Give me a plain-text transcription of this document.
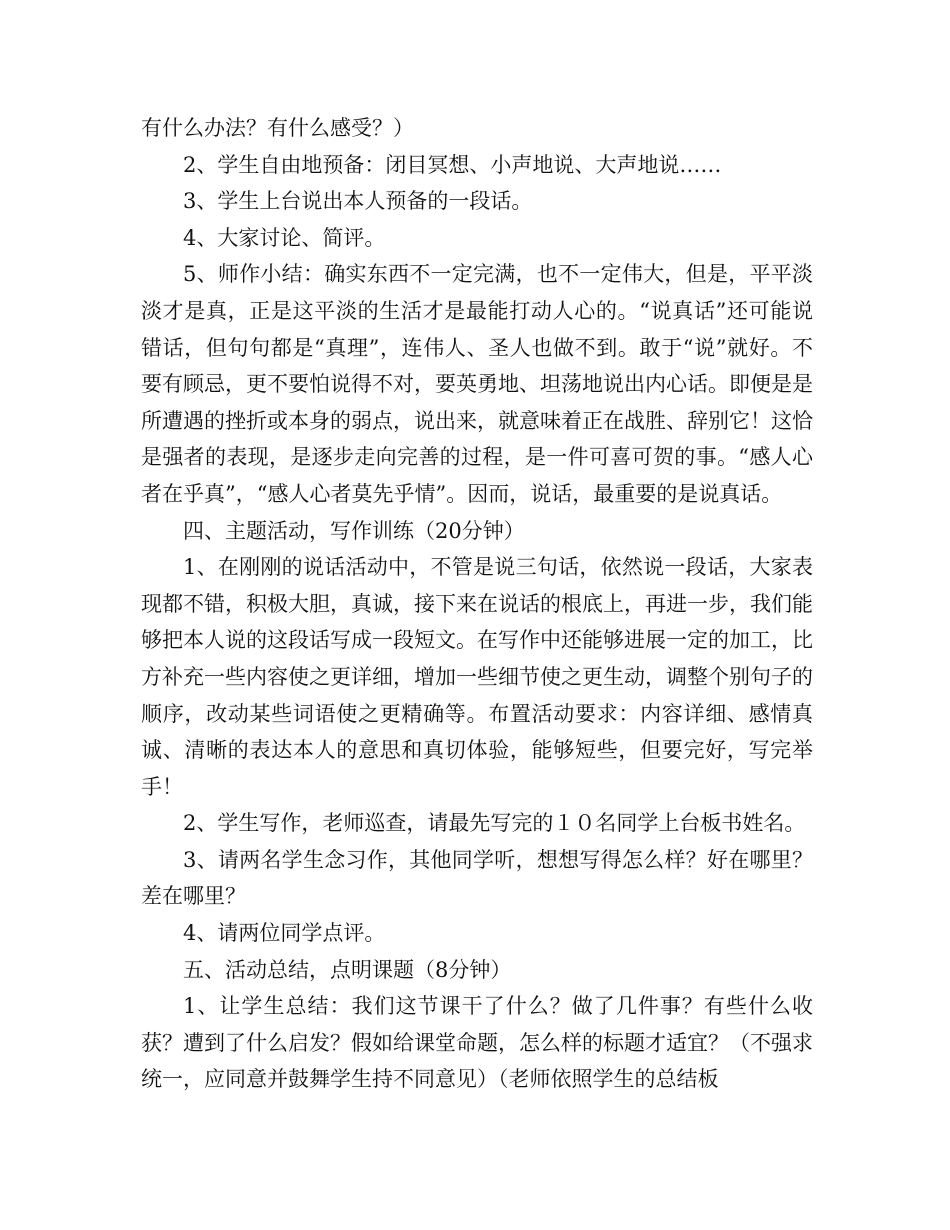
有什么办法？有什么感受？）

2、学生自由地预备：闭目冥想、小声地说、大声地说……

3、学生上台说出本人预备的一段话。

4、大家讨论、简评。

5、师作小结：确实东西不一定完满，也不一定伟大，但是，平平淡淡才是真，正是这平淡的生活才是最能打动人心的。“说真话”还可能说错话，但句句都是“真理”，连伟人、圣人也做不到。敢于“说”就好。不要有顾忌，更不要怕说得不对，要英勇地、坦荡地说出内心话。即便是是所遭遇的挫折或本身的弱点，说出来，就意味着正在战胜、辞别它！这恰是强者的表现，是逐步走向完善的过程，是一件可喜可贺的事。“感人心者在乎真”，“感人心者莫先乎情”。因而，说话，最重要的是说真话。

四、主题活动，写作训练（20分钟）

1、在刚刚的说话活动中，不管是说三句话，依然说一段话，大家表现都不错，积极大胆，真诚，接下来在说话的根底上，再进一步，我们能够把本人说的这段话写成一段短文。在写作中还能够进展一定的加工，比方补充一些内容使之更详细，增加一些细节使之更生动，调整个别句子的顺序，改动某些词语使之更精确等。布置活动要求：内容详细、感情真诚、清晰的表达本人的意思和真切体验，能够短些，但要完好，写完举手！

2、学生写作，老师巡查，请最先写完的１０名同学上台板书姓名。

3、请两名学生念习作，其他同学听，想想写得怎么样？好在哪里？差在哪里？

4、请两位同学点评。

五、活动总结，点明课题（8分钟）

1、让学生总结：我们这节课干了什么？做了几件事？有些什么收获？遭到了什么启发？假如给课堂命题，怎么样的标题才适宜？（不强求统一，应同意并鼓舞学生持不同意见）（老师依照学生的总结板
